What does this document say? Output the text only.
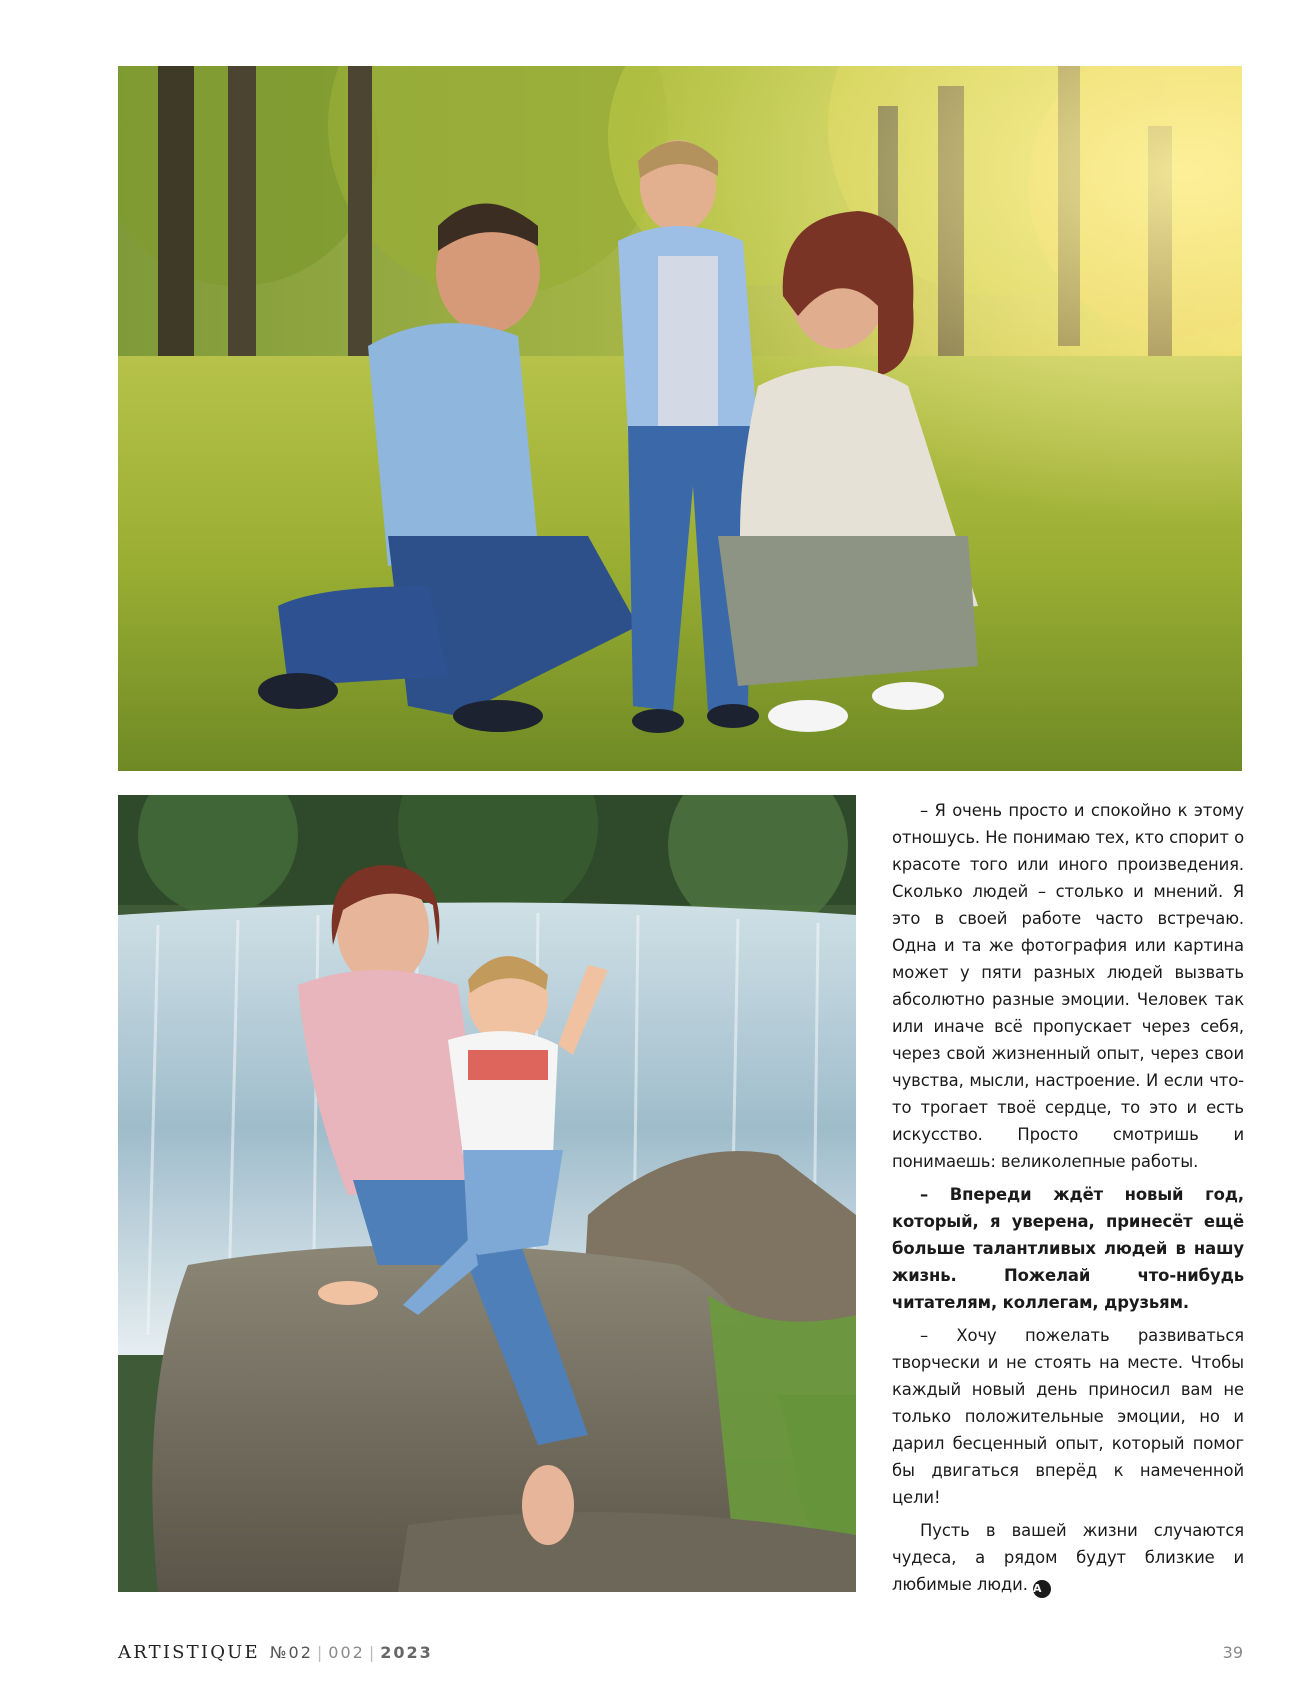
– Я очень просто и спокойно к этому отношусь. Не понимаю тех, кто спорит о красоте того или иного произведения. Сколько людей – столько и мнений. Я это в своей работе часто встречаю. Одна и та же фотография или картина может у пяти разных людей вызвать абсолютно разные эмоции. Человек так или иначе всё пропускает через себя, через свой жизненный опыт, через свои чувства, мысли, настроение. И если что-то трогает твоё сердце, то это и есть искусство. Просто смотришь и понимаешь: великолепные работы.

– Впереди ждёт новый год, который, я уверена, принесёт ещё больше талантливых людей в нашу жизнь. Пожелай что-нибудь читателям, коллегам, друзьям.

– Хочу пожелать развиваться творчески и не стоять на месте. Чтобы каждый новый день приносил вам не только положительные эмоции, но и дарил бесценный опыт, который помог бы двигаться вперёд к намеченной цели!

Пусть в вашей жизни случаются чудеса, а рядом будут близкие и любимые люди. A

ARTISTIQUE №02 | 002 | 2023	39
